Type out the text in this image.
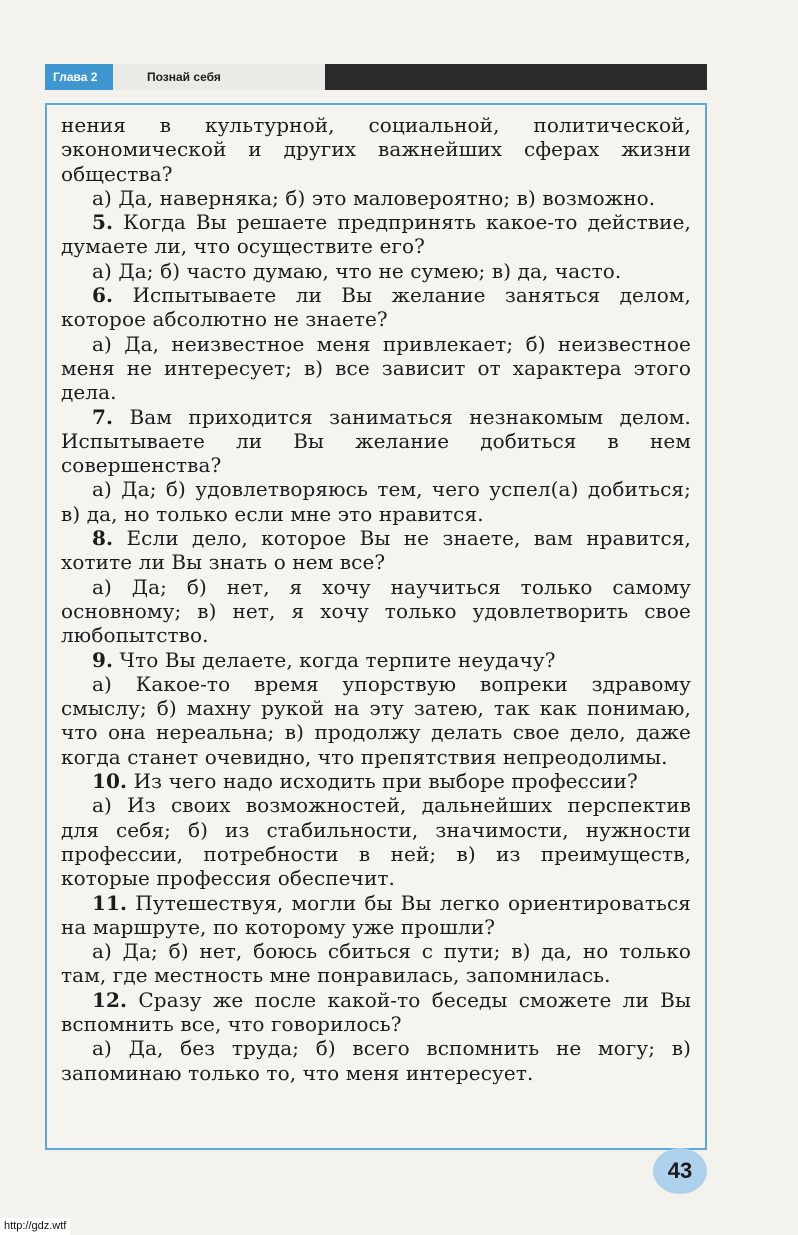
Глава 2	Познай себя

нения в культурной, социальной, политической, экономической и других важнейших сферах жизни общества?

а) Да, наверняка; б) это маловероятно; в) возможно.

5. Когда Вы решаете предпринять какое-то действие, думаете ли, что осуществите его?

а) Да; б) часто думаю, что не сумею; в) да, часто.

6. Испытываете ли Вы желание заняться делом, которое абсолютно не знаете?

а) Да, неизвестное меня привлекает; б) неизвестное меня не интересует; в) все зависит от характера этого дела.

7. Вам приходится заниматься незнакомым делом. Испытываете ли Вы желание добиться в нем совершенства?

а) Да; б) удовлетворяюсь тем, чего успел(а) добиться; в) да, но только если мне это нравится.

8. Если дело, которое Вы не знаете, вам нравится, хотите ли Вы знать о нем все?

а) Да; б) нет, я хочу научиться только самому основному; в) нет, я хочу только удовлетворить свое любопытство.

9. Что Вы делаете, когда терпите неудачу?

а) Какое-то время упорствую вопреки здравому смыслу; б) махну рукой на эту затею, так как понимаю, что она нереальна; в) продолжу делать свое дело, даже когда станет очевидно, что препятствия непреодолимы.

10. Из чего надо исходить при выборе профессии?

а) Из своих возможностей, дальнейших перспектив для себя; б) из стабильности, значимости, нужности профессии, потребности в ней; в) из преимуществ, которые профессия обеспечит.

11. Путешествуя, могли бы Вы легко ориентироваться на маршруте, по которому уже прошли?

а) Да; б) нет, боюсь сбиться с пути; в) да, но только там, где местность мне понравилась, запомнилась.

12. Сразу же после какой-то беседы сможете ли Вы вспомнить все, что говорилось?

а) Да, без труда; б) всего вспомнить не могу; в) запоминаю только то, что меня интересует.

43
http://gdz.wtf
